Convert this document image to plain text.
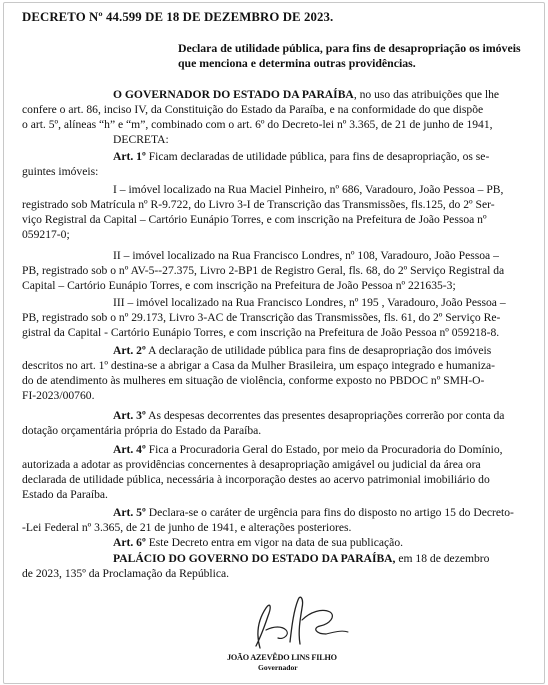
DECRETO Nº 44.599 DE 18 DE DEZEMBRO DE 2023.

Declara de utilidade pública, para fins de desapropriação os imóveis

que menciona e determina outras providências.

O GOVERNADOR DO ESTADO DA PARAÍBA, no uso das atribuições que lhe

confere o art. 86, inciso IV, da Constituição do Estado da Paraíba, e na conformidade do que dispõe

o art. 5º, alíneas “h” e “m”, combinado com o art. 6º do Decreto-lei nº 3.365, de 21 de junho de 1941,

DECRETA:

Art. 1º Ficam declaradas de utilidade pública, para fins de desapropriação, os se-

guintes imóveis:

I – imóvel localizado na Rua Maciel Pinheiro, nº 686, Varadouro, João Pessoa – PB,

registrado sob Matrícula nº R-9.722, do Livro 3-I de Transcrição das Transmissões, fls.125, do 2º Ser-

viço Registral da Capital – Cartório Eunápio Torres, e com inscrição na Prefeitura de João Pessoa nº

059217-0;

II – imóvel localizado na Rua Francisco Londres, nº 108, Varadouro, João Pessoa –

PB, registrado sob o nº AV-5--27.375, Livro 2-BP1 de Registro Geral, fls. 68, do 2º Serviço Registral da

Capital – Cartório Eunápio Torres, e com inscrição na Prefeitura de João Pessoa nº 221635-3;

III – imóvel localizado na Rua Francisco Londres, nº 195 , Varadouro, João Pessoa –

PB, registrado sob o nº 29.173, Livro 3-AC de Transcrição das Transmissões, fls. 61, do 2º Serviço Re-

gistral da Capital - Cartório Eunápio Torres, e com inscrição na Prefeitura de João Pessoa nº 059218-8.

Art. 2º A declaração de utilidade pública para fins de desapropriação dos imóveis

descritos no art. 1º destina-se a abrigar a Casa da Mulher Brasileira, um espaço integrado e humaniza-

do de atendimento às mulheres em situação de violência, conforme exposto no PBDOC nº SMH-O-

FI-2023/00760.

Art. 3º As despesas decorrentes das presentes desapropriações correrão por conta da

dotação orçamentária própria do Estado da Paraíba.

Art. 4º Fica a Procuradoria Geral do Estado, por meio da Procuradoria do Domínio,

autorizada a adotar as providências concernentes à desapropriação amigável ou judicial da área ora

declarada de utilidade pública, necessária à incorporação destes ao acervo patrimonial imobiliário do

Estado da Paraíba.

Art. 5º Declara-se o caráter de urgência para fins do disposto no artigo 15 do Decreto-

-Lei Federal nº 3.365, de 21 de junho de 1941, e alterações posteriores.

Art. 6º Este Decreto entra em vigor na data de sua publicação.

PALÁCIO DO GOVERNO DO ESTADO DA PARAÍBA, em 18 de dezembro

de 2023, 135º da Proclamação da República.

JOÃO AZEVÊDO LINS FILHO

Governador
